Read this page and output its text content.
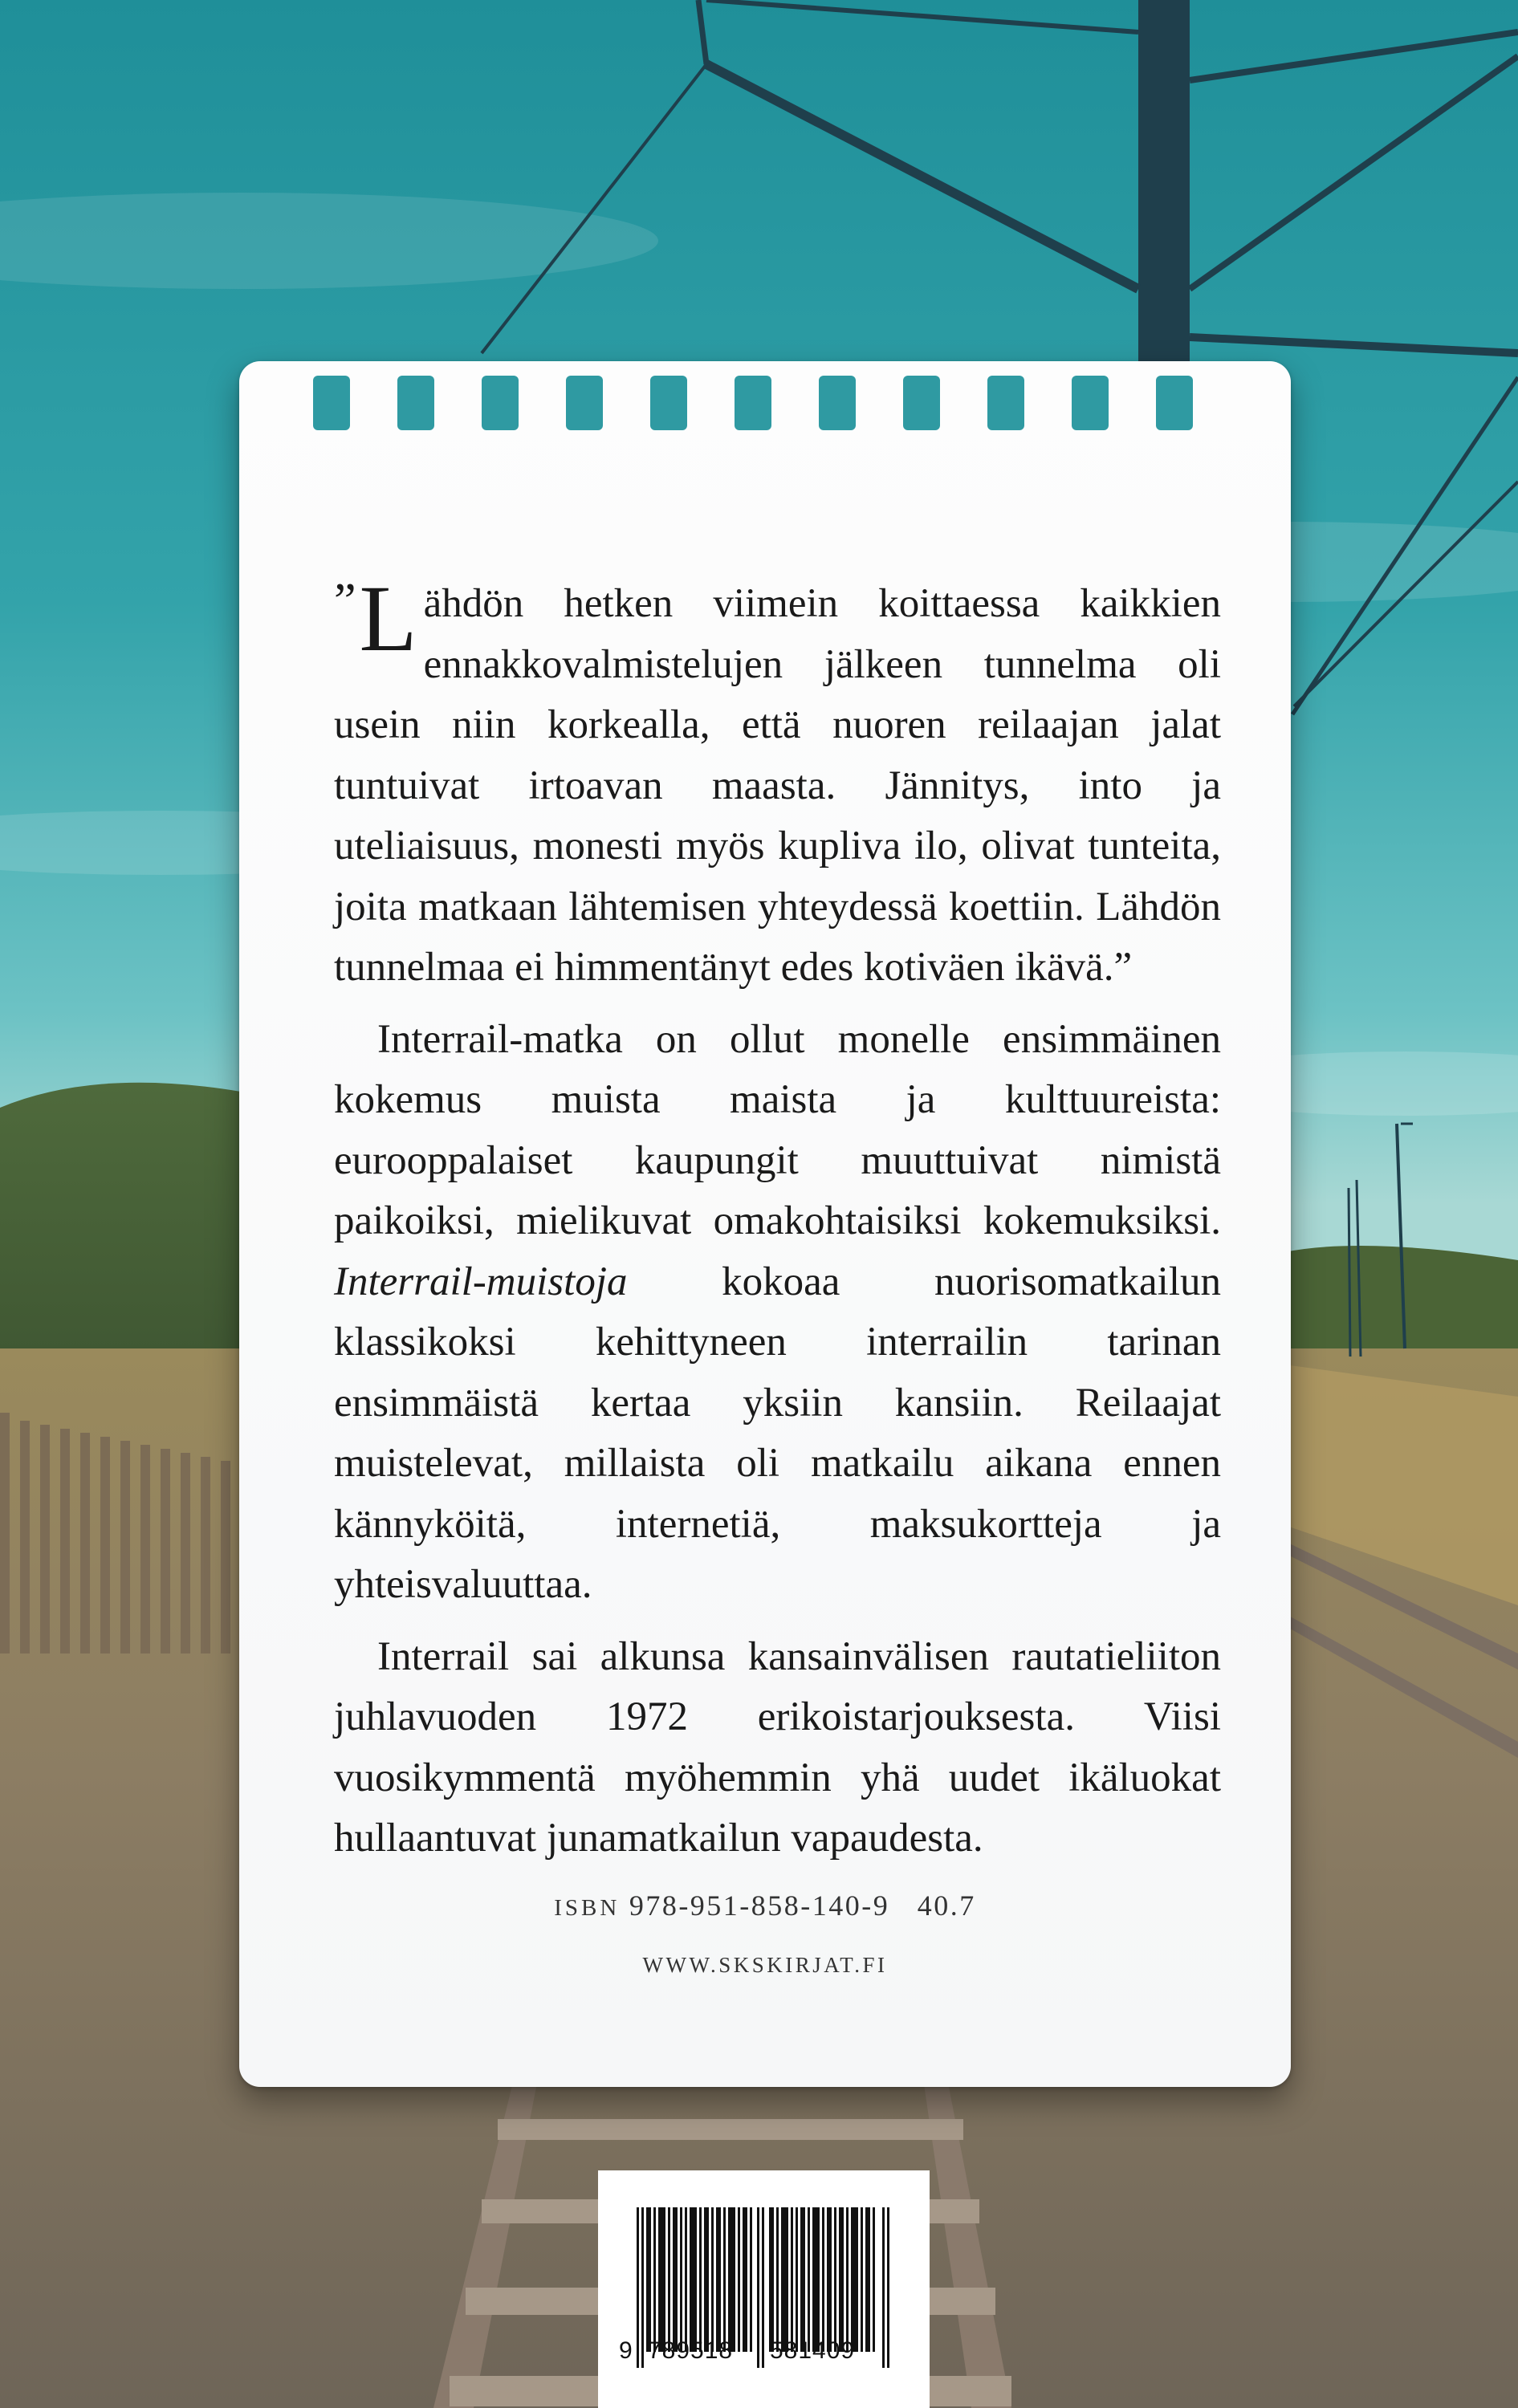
” L ähdön hetken viimein koittaessa kaikkien ennakkovalmistelujen jälkeen tunnelma oli usein niin korkealla, että nuoren reilaajan jalat tuntuivat irtoavan maasta. Jännitys, into ja uteliaisuus, monesti myös kupliva ilo, olivat tunteita, joita matkaan lähtemisen yhteydessä koettiin. Lähdön tunnelmaa ei himmentänyt edes kotiväen ikävä.”

Interrail-matka on ollut monelle ensimmäinen kokemus muista maista ja kulttuureista: eurooppalaiset kaupungit muuttuivat nimistä paikoiksi, mielikuvat omakohtaisiksi kokemuksiksi. Interrail-muistoja kokoaa nuorisomatkailun klassikoksi kehittyneen interrailin tarinan ensimmäistä kertaa yksiin kansiin. Reilaajat muistelevat, millaista oli matkailu aikana ennen kännyköitä, internetiä, maksukortteja ja yhteisvaluuttaa.

Interrail sai alkunsa kansainvälisen rautatieliiton juhlavuoden 1972 erikoistarjouksesta. Viisi vuosikymmentä myöhemmin yhä uudet ikäluokat hullaantuvat junamatkailun vapaudesta.

ISBN 978-951-858-140-9 40.7
WWW.SKSKIRJAT.FI
9 789518 581409
